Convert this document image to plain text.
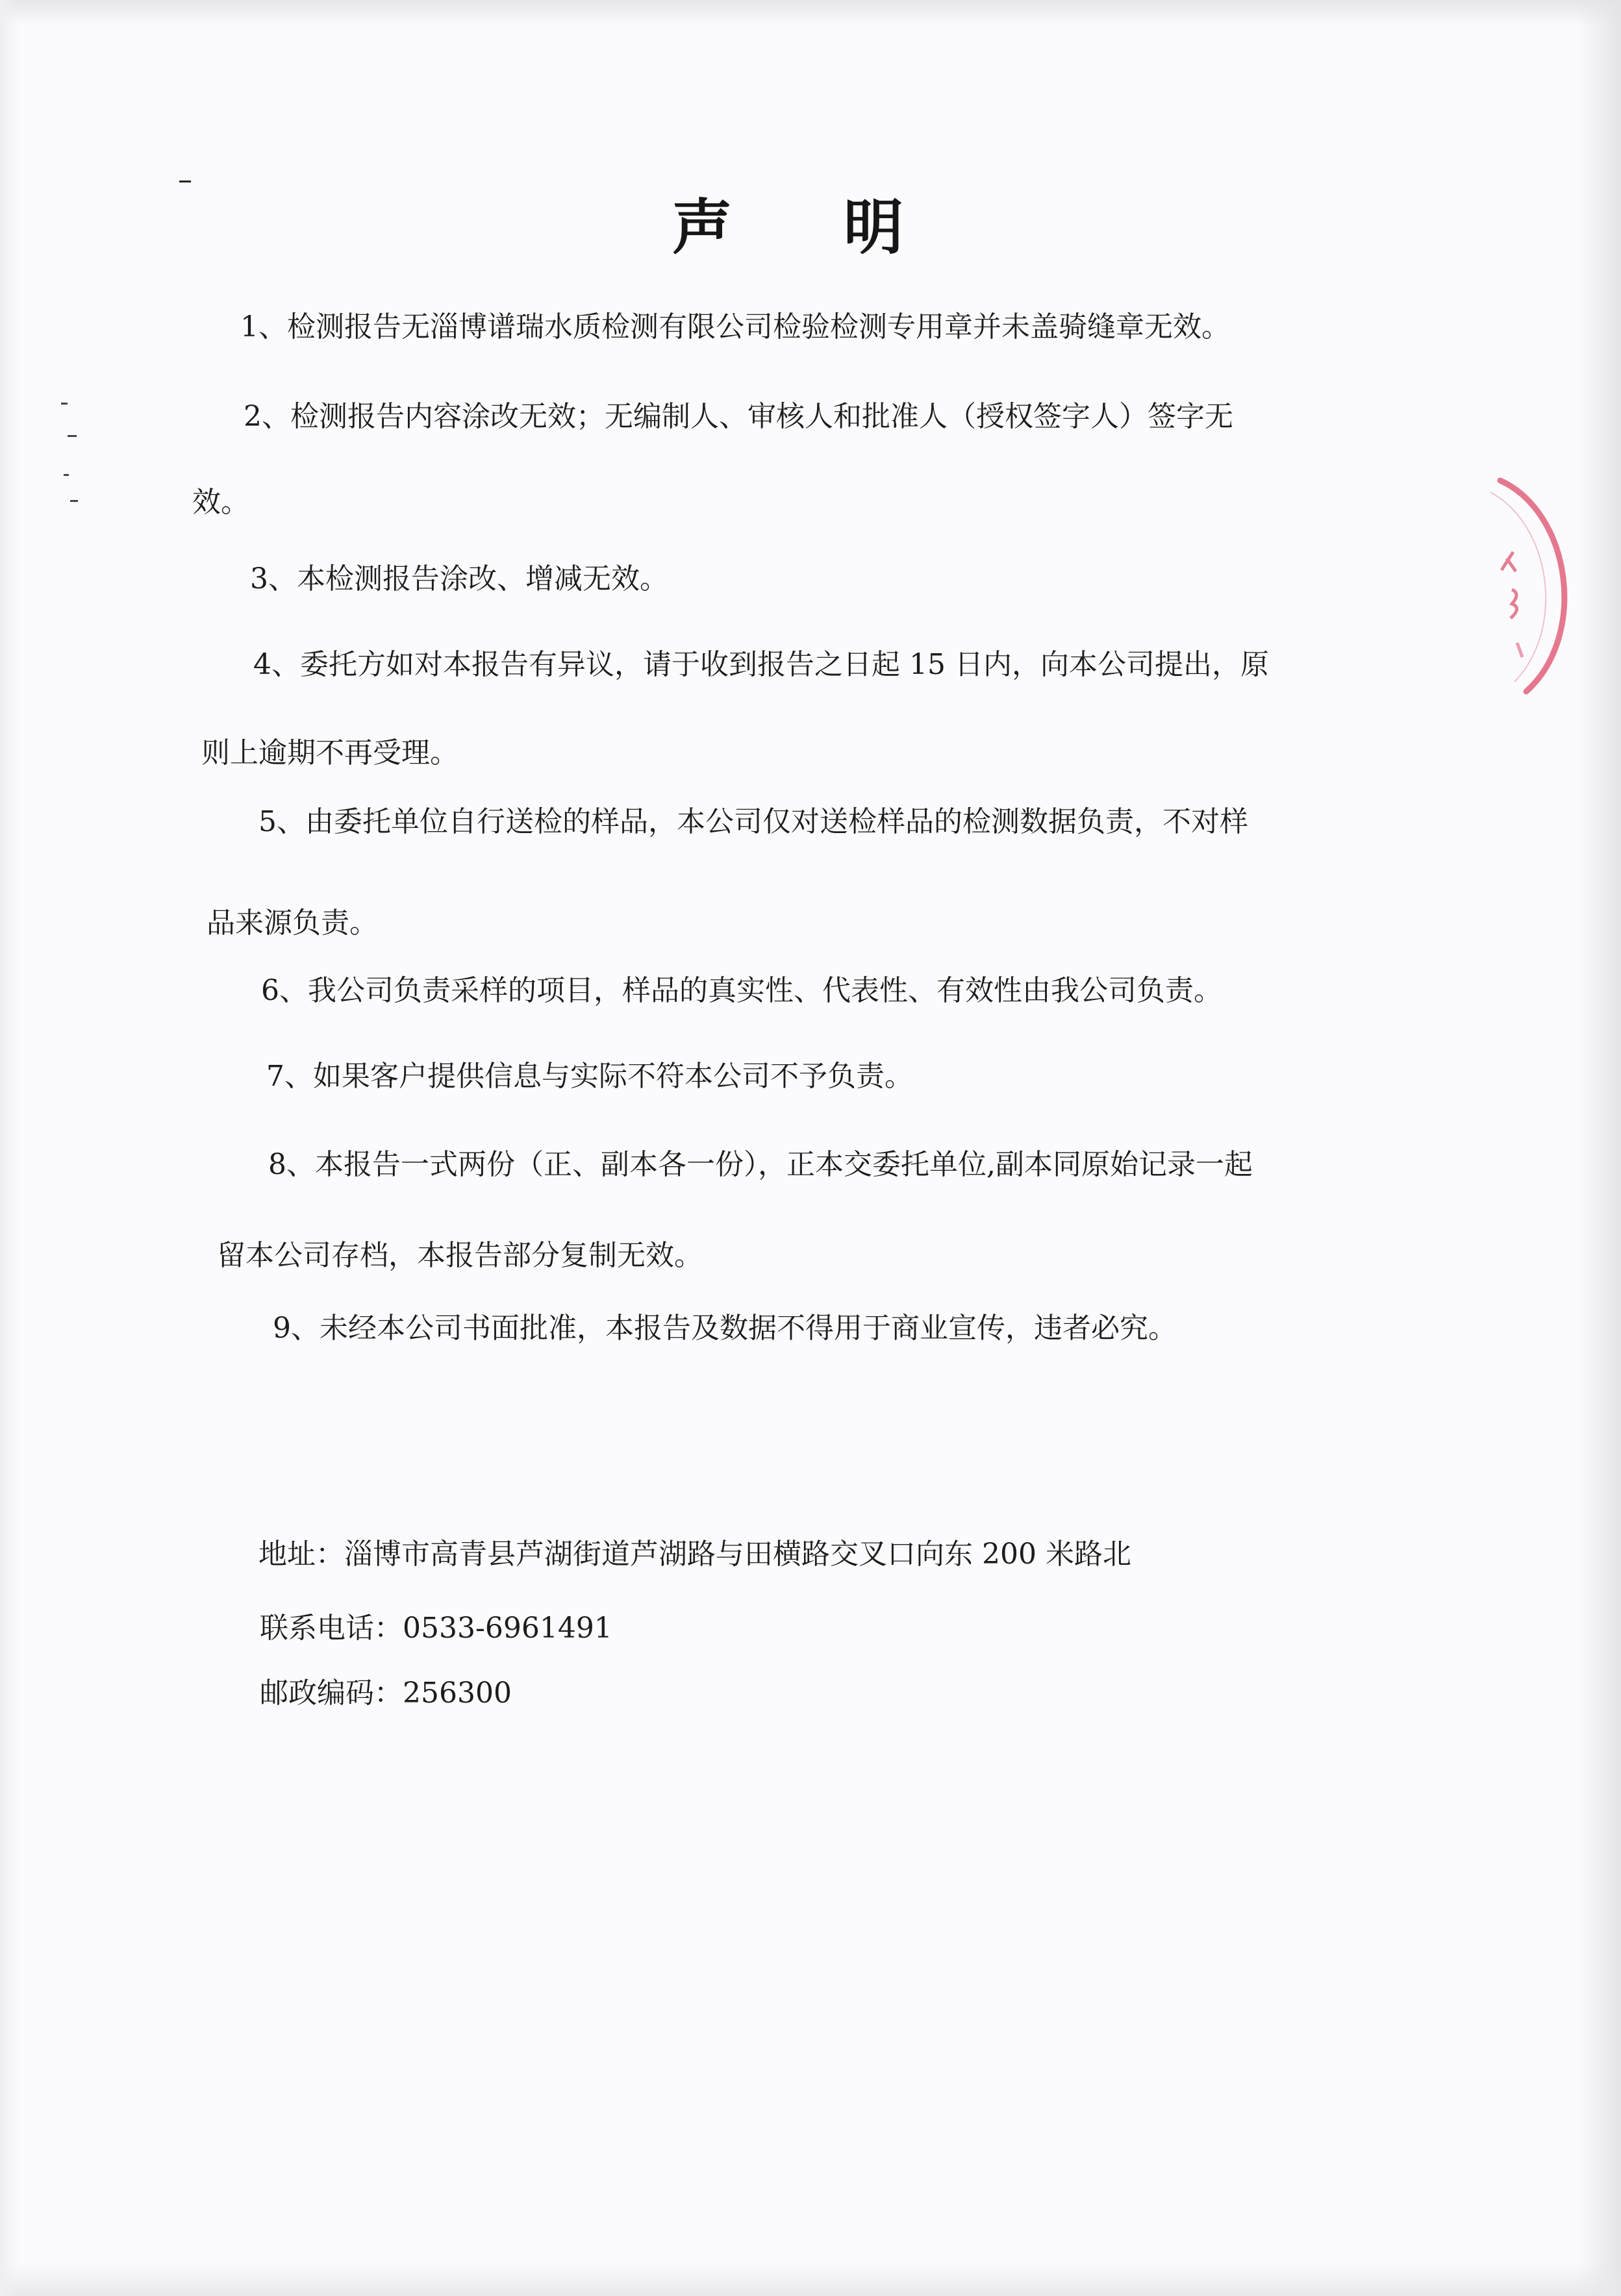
声 明
1、检测报告无淄博谱瑞水质检测有限公司检验检测专用章并未盖骑缝章无效。
2、检测报告内容涂改无效；无编制人、审核人和批准人（授权签字人）签字无
效。
3、本检测报告涂改、增减无效。
4、委托方如对本报告有异议，请于收到报告之日起 15 日内，向本公司提出，原
则上逾期不再受理。
5、由委托单位自行送检的样品，本公司仅对送检样品的检测数据负责，不对样
品来源负责。
6、我公司负责采样的项目，样品的真实性、代表性、有效性由我公司负责。
7、如果客户提供信息与实际不符本公司不予负责。
8、本报告一式两份（正、副本各一份），正本交委托单位,副本同原始记录一起
留本公司存档，本报告部分复制无效。
9、未经本公司书面批准，本报告及数据不得用于商业宣传，违者必究。
地址：淄博市高青县芦湖街道芦湖路与田横路交叉口向东 200 米路北
联系电话：0533-6961491
邮政编码：256300
